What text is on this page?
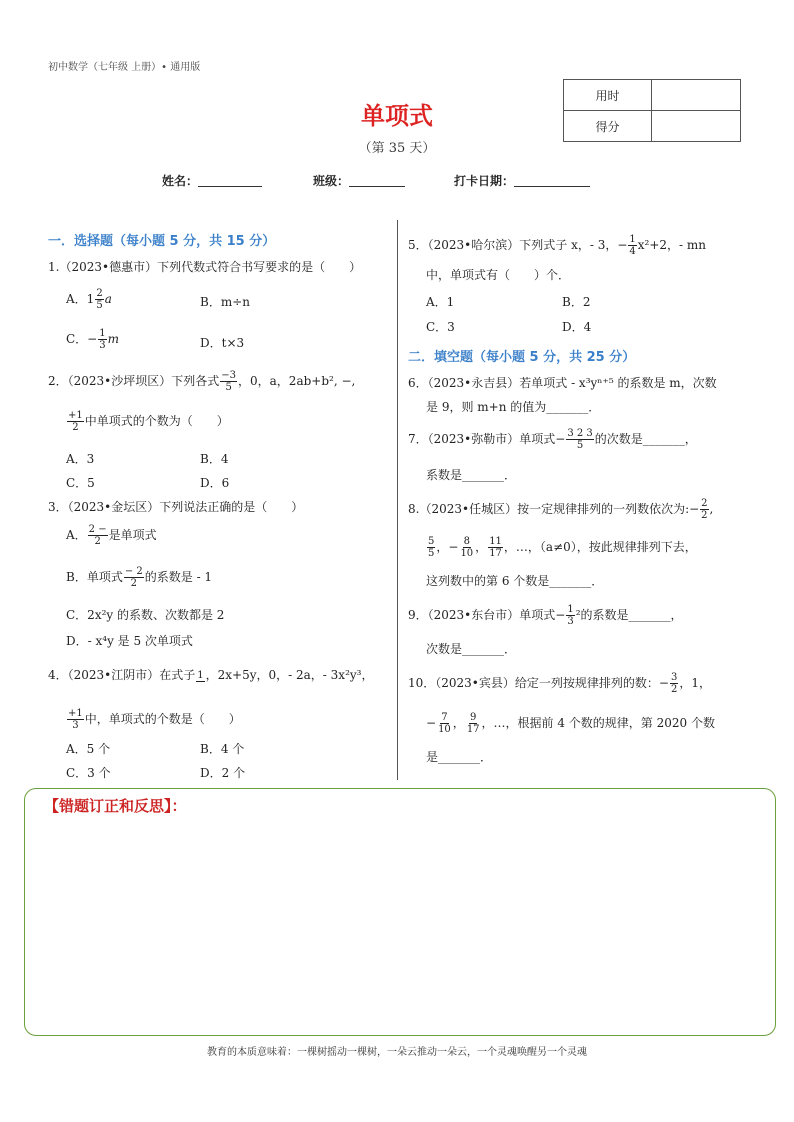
初中数学（七年级 上册）• 通用版
单项式
（第 35 天）
用时	
得分	
姓名：	班级：	打卡日期：
一．选择题（每小题 5 分，共 15 分）
1.（2023•德惠市）下列代数式符合书写要求的是（　　）
A．$1 \frac{2}{5}$ a	B．m÷n
C．− $\frac{1}{3}$ m	D．t×3
2．（2023•沙坪坝区）下列各式 $\frac{-3}{5}$ ，0，a，2ab+b², −,
$\frac{+1}{2}$ 中单项式的个数为（　　）
A．3	B．4
C．5	D．6
3．（2023•金坛区）下列说法正确的是（　　）
A． $\frac{2 -}{2}$ 是单项式
B．单项式 $\frac{- 2}{2}$ 的系数是 - 1
C．2x²y 的系数、次数都是 2
D．- x⁴y 是 5 次单项式
4．（2023•江阴市）在式子 1 ，2x+5y，0，- 2a，- 3x²y³，
$\frac{+1}{3}$ 中，单项式的个数是（　　）
A．5 个	B．4 个
C．3 个	D．2 个
5．（2023•哈尔滨）下列式子 x，- 3，− $\frac{1}{4} x^2+2$，- mn
中，单项式有（　　）个．
A．1	B．2
C．3	D．4
二．填空题（每小题 5 分，共 25 分）
6．（2023•永吉县）若单项式 - x³yⁿ⁺⁵ 的系数是 m，次数
是 9，则 m+n 的值为_______．
7．（2023•弥勒市）单项式− $\frac{3 2 3}{5}$ 的次数是_______，
系数是_______．
8.（2023•任城区）按一定规律排列的一列数依次为:− $\frac{2}{2}$ ,
$\frac{5}{5}$ ，− $\frac{8}{10}$ ， $\frac{11}{17}$ ，…，（a≠0），按此规律排列下去，
这列数中的第 6 个数是_______．
9．（2023•东台市）单项式− $\frac{1}{3} ^2$的系数是_______，
次数是_______．
10．（2023•宾县）给定一列按规律排列的数：− $\frac{3}{2}$ ，1，
− $\frac{7}{10}$ ， $\frac{9}{17}$ ，…，根据前 4 个数的规律，第 2020 个数
是_______．
【错题订正和反思】：
教育的本质意味着：一棵树摇动一棵树，一朵云推动一朵云，一个灵魂唤醒另一个灵魂
